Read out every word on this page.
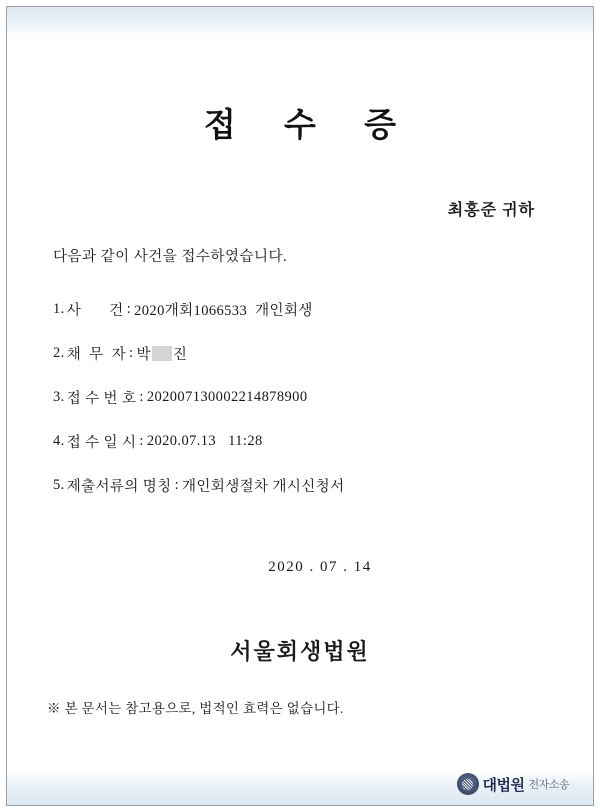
접 수 증
최홍준 귀하
다음과 같이 사건을 접수하였습니다.
1. 사       건 : 2020개회1066533  개인회생
2. 채  무  자 : 박 진
3. 접 수 번 호 : 202007130002214878900
4. 접 수 일 시 : 2020.07.13   11:28
5. 제출서류의 명칭 : 개인회생절차 개시신청서
2020 . 07 . 14
서울회생법원
※ 본 문서는 참고용으로, 법적인 효력은 없습니다.
대법원 전자소송
